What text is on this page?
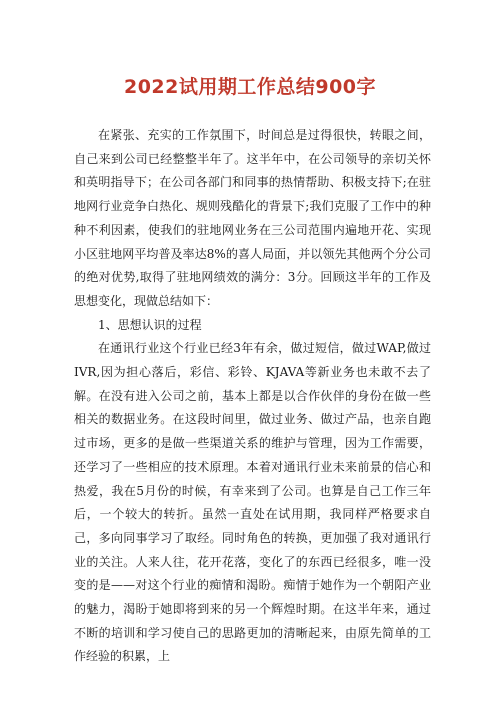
2022试用期工作总结900字

在紧张、充实的工作氛围下，时间总是过得很快，转眼之间，自己来到公司已经整整半年了。这半年中，在公司领导的亲切关怀和英明指导下；在公司各部门和同事的热情帮助、积极支持下;在驻地网行业竞争白热化、规则残酷化的背景下;我们克服了工作中的种种不利因素，使我们的驻地网业务在三公司范围内遍地开花、实现小区驻地网平均普及率达8%的喜人局面，并以领先其他两个分公司的绝对优势,取得了驻地网绩效的满分：3分。回顾这半年的工作及思想变化，现做总结如下：

1、思想认识的过程

在通讯行业这个行业已经3年有余，做过短信，做过WAP,做过IVR,因为担心落后，彩信、彩铃、KJAVA等新业务也未敢不去了解。在没有进入公司之前，基本上都是以合作伙伴的身份在做一些相关的数据业务。在这段时间里，做过业务、做过产品，也亲自跑过市场，更多的是做一些渠道关系的维护与管理，因为工作需要，还学习了一些相应的技术原理。本着对通讯行业未来前景的信心和热爱，我在5月份的时候，有幸来到了公司。也算是自己工作三年后，一个较大的转折。虽然一直处在试用期，我同样严格要求自己，多向同事学习了取经。同时角色的转换，更加强了我对通讯行业的关注。人来人往，花开花落，变化了的东西已经很多，唯一没变的是——对这个行业的痴情和渴盼。痴情于她作为一个朝阳产业的魅力，渴盼于她即将到来的另一个辉煌时期。在这半年来，通过不断的培训和学习使自己的思路更加的清晰起来，由原先简单的工作经验的积累，上
